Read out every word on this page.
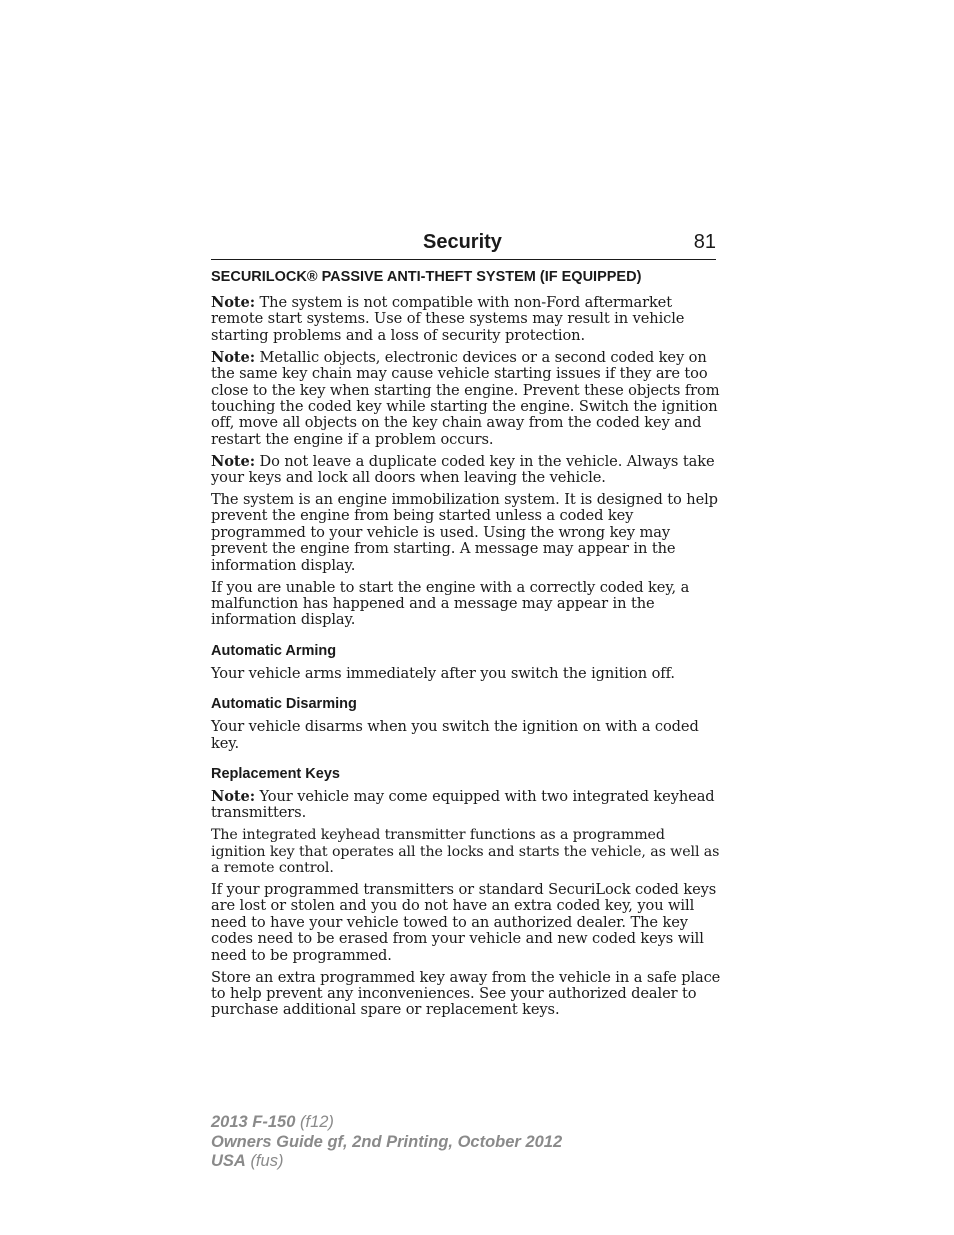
Security	81
SECURILOCK® PASSIVE ANTI-THEFT SYSTEM (IF EQUIPPED)

Note: The system is not compatible with non-Ford aftermarket remote start systems. Use of these systems may result in vehicle starting problems and a loss of security protection.

Note: Metallic objects, electronic devices or a second coded key on the same key chain may cause vehicle starting issues if they are too close to the key when starting the engine. Prevent these objects from touching the coded key while starting the engine. Switch the ignition off, move all objects on the key chain away from the coded key and restart the engine if a problem occurs.

Note: Do not leave a duplicate coded key in the vehicle. Always take your keys and lock all doors when leaving the vehicle.

The system is an engine immobilization system. It is designed to help prevent the engine from being started unless a coded key programmed to your vehicle is used. Using the wrong key may prevent the engine from starting. A message may appear in the information display.

If you are unable to start the engine with a correctly coded key, a malfunction has happened and a message may appear in the information display.

Automatic Arming

Your vehicle arms immediately after you switch the ignition off.

Automatic Disarming

Your vehicle disarms when you switch the ignition on with a coded key.

Replacement Keys

Note: Your vehicle may come equipped with two integrated keyhead transmitters.

The integrated keyhead transmitter functions as a programmed ignition key that operates all the locks and starts the vehicle, as well as a remote control.

If your programmed transmitters or standard SecuriLock coded keys are lost or stolen and you do not have an extra coded key, you will need to have your vehicle towed to an authorized dealer. The key codes need to be erased from your vehicle and new coded keys will need to be programmed.

Store an extra programmed key away from the vehicle in a safe place to help prevent any inconveniences. See your authorized dealer to purchase additional spare or replacement keys.

2013 F-150 (f12)
Owners Guide gf, 2nd Printing, October 2012
USA (fus)
